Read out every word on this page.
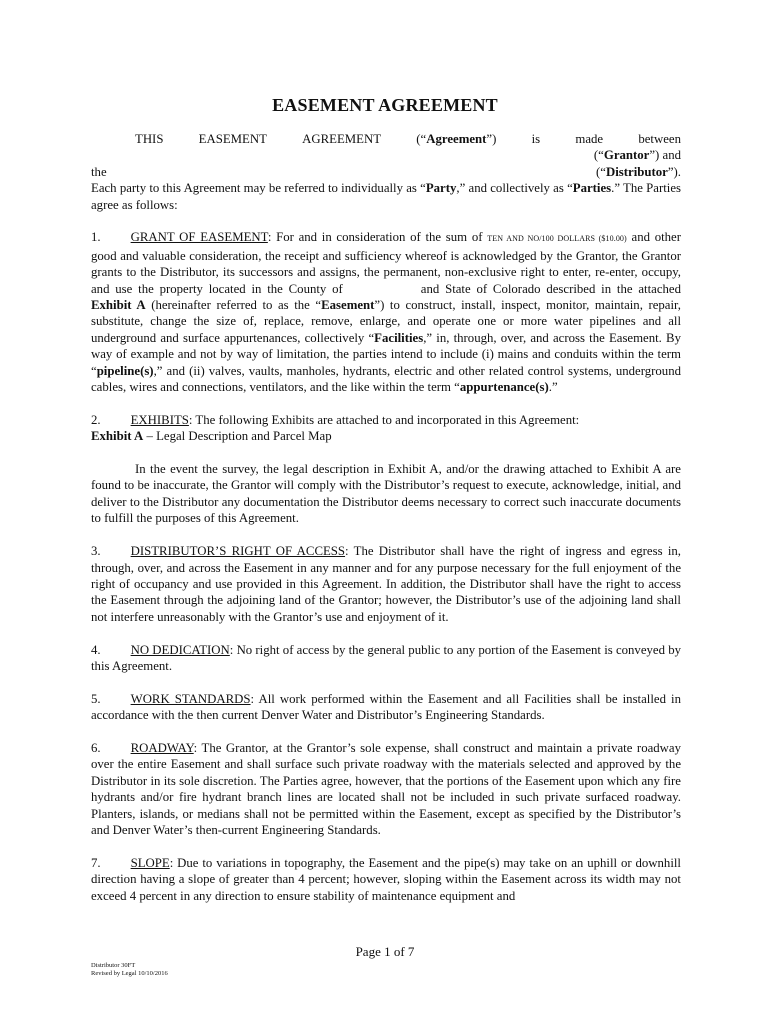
EASEMENT AGREEMENT
THIS	EASEMENT	AGREEMENT	(“Agreement”)	is	made	between
(“Grantor”) and
the	(“Distributor”).

Each party to this Agreement may be referred to individually as “Party,” and collectively as “Parties.” The Parties agree as follows:

1. GRANT OF EASEMENT: For and in consideration of the sum of TEN AND NO/100 DOLLARS ($10.00) and other good and valuable consideration, the receipt and sufficiency whereof is acknowledged by the Grantor, the Grantor grants to the Distributor, its successors and assigns, the permanent, non-exclusive right to enter, re-enter, occupy, and use the property located in the County of	and State of Colorado described in the attached Exhibit A (hereinafter referred to as the “Easement”) to construct, install, inspect, monitor, maintain, repair, substitute, change the size of, replace, remove, enlarge, and operate one or more water pipelines and all underground and surface appurtenances, collectively “Facilities,” in, through, over, and across the Easement. By way of example and not by way of limitation, the parties intend to include (i) mains and conduits within the term “pipeline(s),” and (ii) valves, vaults, manholes, hydrants, electric and other related control systems, underground cables, wires and connections, ventilators, and the like within the term “appurtenance(s).”

2. EXHIBITS: The following Exhibits are attached to and incorporated in this Agreement:

Exhibit A – Legal Description and Parcel Map

In the event the survey, the legal description in Exhibit A, and/or the drawing attached to Exhibit A are found to be inaccurate, the Grantor will comply with the Distributor’s request to execute, acknowledge, initial, and deliver to the Distributor any documentation the Distributor deems necessary to correct such inaccurate documents to fulfill the purposes of this Agreement.

3. DISTRIBUTOR’S RIGHT OF ACCESS: The Distributor shall have the right of ingress and egress in, through, over, and across the Easement in any manner and for any purpose necessary for the full enjoyment of the right of occupancy and use provided in this Agreement. In addition, the Distributor shall have the right to access the Easement through the adjoining land of the Grantor; however, the Distributor’s use of the adjoining land shall not interfere unreasonably with the Grantor’s use and enjoyment of it.

4. NO DEDICATION: No right of access by the general public to any portion of the Easement is conveyed by this Agreement.

5. WORK STANDARDS: All work performed within the Easement and all Facilities shall be installed in accordance with the then current Denver Water and Distributor’s Engineering Standards.

6. ROADWAY: The Grantor, at the Grantor’s sole expense, shall construct and maintain a private roadway over the entire Easement and shall surface such private roadway with the materials selected and approved by the Distributor in its sole discretion. The Parties agree, however, that the portions of the Easement upon which any fire hydrants and/or fire hydrant branch lines are located shall not be included in such private surfaced roadway. Planters, islands, or medians shall not be permitted within the Easement, except as specified by the Distributor’s and Denver Water’s then-current Engineering Standards.

7. SLOPE: Due to variations in topography, the Easement and the pipe(s) may take on an uphill or downhill direction having a slope of greater than 4 percent; however, sloping within the Easement across its width may not exceed 4 percent in any direction to ensure stability of maintenance equipment and

Page 1 of 7
Distributor 30FT
Revised by Legal 10/10/2016
